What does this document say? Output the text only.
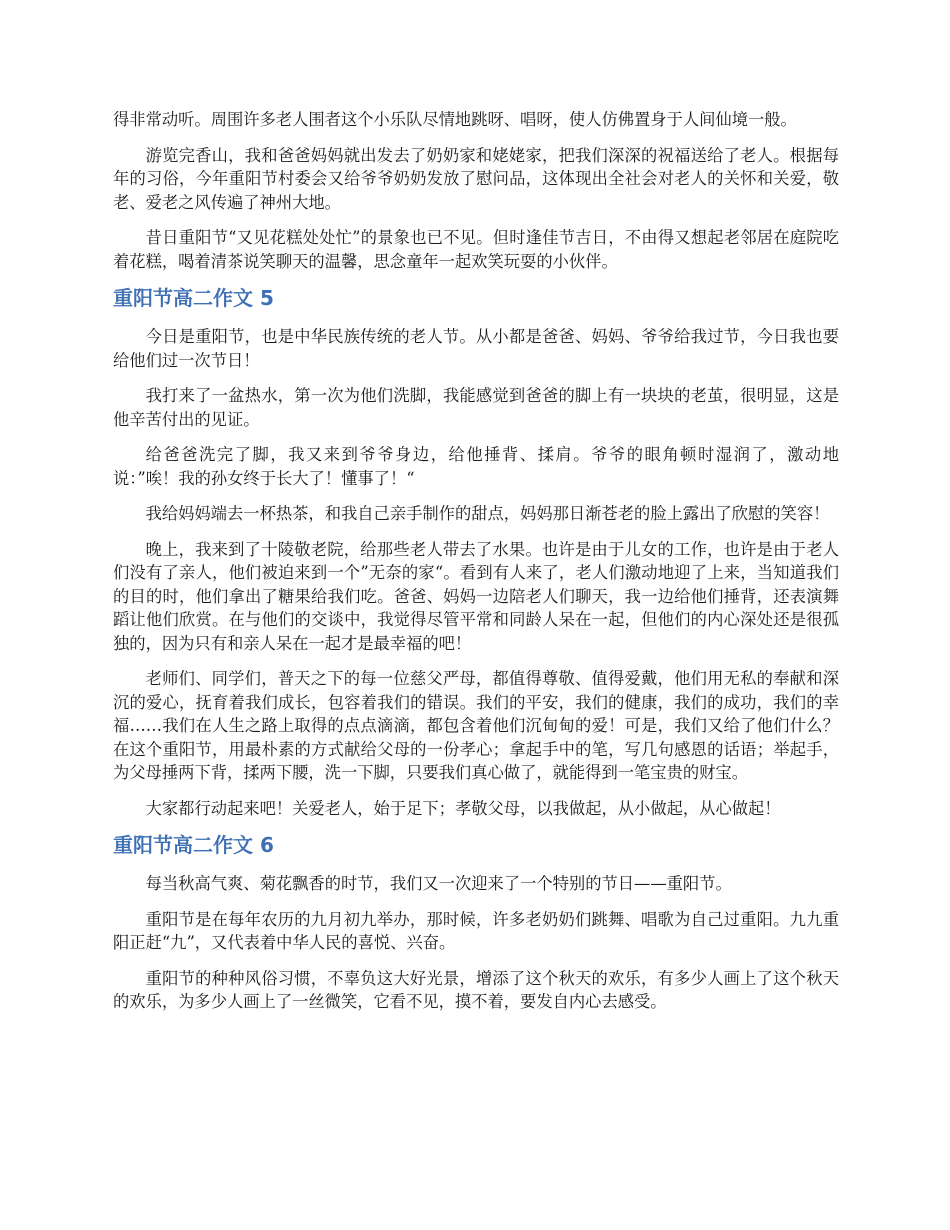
得非常动听。周围许多老人围者这个小乐队尽情地跳呀、唱呀，使人仿佛置身于人间仙境一般。

游览完香山，我和爸爸妈妈就出发去了奶奶家和姥姥家，把我们深深的祝福送给了老人。根据每年的习俗，今年重阳节村委会又给爷爷奶奶发放了慰问品，这体现出全社会对老人的关怀和关爱，敬老、爱老之风传遍了神州大地。

昔日重阳节“又见花糕处处忙”的景象也已不见。但时逢佳节吉日，不由得又想起老邻居在庭院吃着花糕，喝着清茶说笑聊天的温馨，思念童年一起欢笑玩耍的小伙伴。

重阳节高二作文 5

今日是重阳节，也是中华民族传统的老人节。从小都是爸爸、妈妈、爷爷给我过节，今日我也要给他们过一次节日！

我打来了一盆热水，第一次为他们洗脚，我能感觉到爸爸的脚上有一块块的老茧，很明显，这是他辛苦付出的见证。

给爸爸洗完了脚，我又来到爷爷身边，给他捶背、揉肩。爷爷的眼角顿时湿润了，激动地说：”唉！我的孙女终于长大了！懂事了！“

我给妈妈端去一杯热茶，和我自己亲手制作的甜点，妈妈那日渐苍老的脸上露出了欣慰的笑容！

晚上，我来到了十陵敬老院，给那些老人带去了水果。也许是由于儿女的工作，也许是由于老人们没有了亲人，他们被迫来到一个”无奈的家“。看到有人来了，老人们激动地迎了上来，当知道我们的目的时，他们拿出了糖果给我们吃。爸爸、妈妈一边陪老人们聊天，我一边给他们捶背，还表演舞蹈让他们欣赏。在与他们的交谈中，我觉得尽管平常和同龄人呆在一起，但他们的内心深处还是很孤独的，因为只有和亲人呆在一起才是最幸福的吧！

老师们、同学们，普天之下的每一位慈父严母，都值得尊敬、值得爱戴，他们用无私的奉献和深沉的爱心，抚育着我们成长，包容着我们的错误。我们的平安，我们的健康，我们的成功，我们的幸福……我们在人生之路上取得的点点滴滴，都包含着他们沉甸甸的爱！可是，我们又给了他们什么？在这个重阳节，用最朴素的方式献给父母的一份孝心；拿起手中的笔，写几句感恩的话语；举起手，为父母捶两下背，揉两下腰，洗一下脚，只要我们真心做了，就能得到一笔宝贵的财宝。

大家都行动起来吧！关爱老人，始于足下；孝敬父母，以我做起，从小做起，从心做起！

重阳节高二作文 6

每当秋高气爽、菊花飘香的时节，我们又一次迎来了一个特别的节日——重阳节。

重阳节是在每年农历的九月初九举办，那时候，许多老奶奶们跳舞、唱歌为自己过重阳。九九重阳正赶“九”，又代表着中华人民的喜悦、兴奋。

重阳节的种种风俗习惯，不辜负这大好光景，增添了这个秋天的欢乐，有多少人画上了这个秋天的欢乐，为多少人画上了一丝微笑，它看不见，摸不着，要发自内心去感受。
